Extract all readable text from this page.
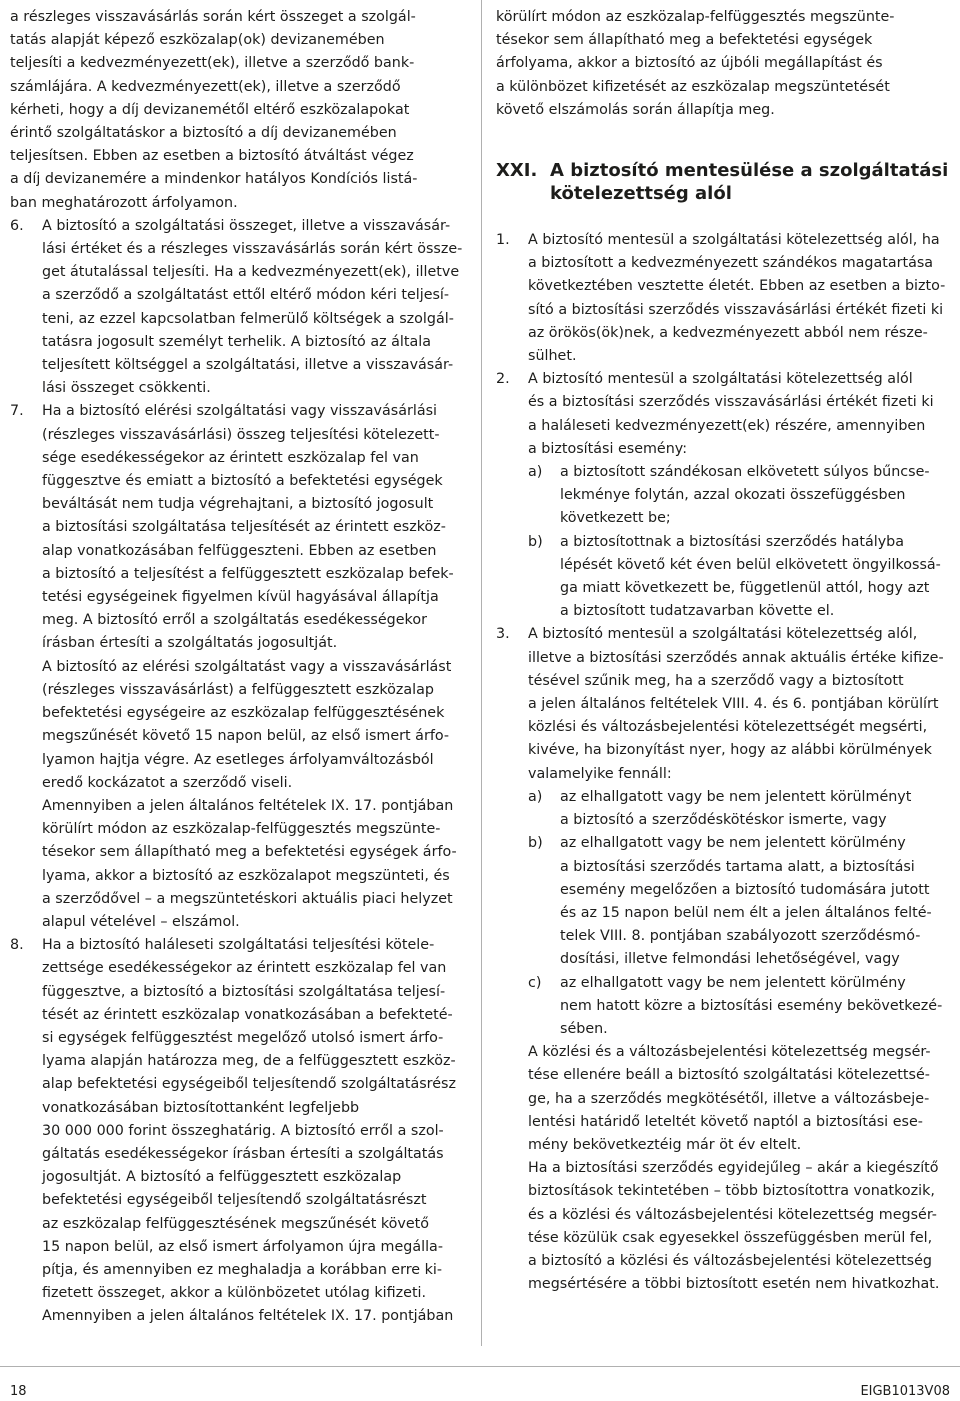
a részleges visszavásárlás során kért összeget a szolgál-

tatás alapját képező eszközalap(ok) devizanemében

teljesíti a kedvezményezett(ek), illetve a szerződő bank-

számlájára. A kedvezményezett(ek), illetve a szerződő

kérheti, hogy a díj devizanemétől eltérő eszközalapokat

érintő szolgáltatáskor a biztosító a díj devizanemében

teljesítsen. Ebben az esetben a biztosító átváltást végez

a díj devizanemére a mindenkor hatályos Kondíciós listá-

ban meghatározott árfolyamon.

6. A biztosító a szolgáltatási összeget, illetve a visszavásár-

lási értéket és a részleges visszavásárlás során kért össze-

get átutalással teljesíti. Ha a kedvezményezett(ek), illetve

a szerződő a szolgáltatást ettől eltérő módon kéri teljesí-

teni, az ezzel kapcsolatban felmerülő költségek a szolgál-

tatásra jogosult személyt terhelik. A biztosító az általa

teljesített költséggel a szolgáltatási, illetve a visszavásár-

lási összeget csökkenti.

7. Ha a biztosító elérési szolgáltatási vagy visszavásárlási

(részleges visszavásárlási) összeg teljesítési kötelezett-

sége esedékességekor az érintett eszközalap fel van

függesztve és emiatt a biztosító a befektetési egységek

beváltását nem tudja végrehajtani, a biztosító jogosult

a biztosítási szolgáltatása teljesítését az érintett eszköz-

alap vonatkozásában felfüggeszteni. Ebben az esetben

a biztosító a teljesítést a felfüggesztett eszközalap befek-

tetési egységeinek figyelmen kívül hagyásával állapítja

meg. A biztosító erről a szolgáltatás esedékességekor

írásban értesíti a szolgáltatás jogosultját.

A biztosító az elérési szolgáltatást vagy a visszavásárlást

(részleges visszavásárlást) a felfüggesztett eszközalap

befektetési egységeire az eszközalap felfüggesztésének

megszűnését követő 15 napon belül, az első ismert árfo-

lyamon hajtja végre. Az esetleges árfolyamváltozásból

eredő kockázatot a szerződő viseli.

Amennyiben a jelen általános feltételek IX. 17. pontjában

körülírt módon az eszközalap-felfüggesztés megszünte-

tésekor sem állapítható meg a befektetési egységek árfo-

lyama, akkor a biztosító az eszközalapot megszünteti, és

a szerződővel – a megszüntetéskori aktuális piaci helyzet

alapul vételével – elszámol.

8. Ha a biztosító haláleseti szolgáltatási teljesítési kötele-

zettsége esedékességekor az érintett eszközalap fel van

függesztve, a biztosító a biztosítási szolgáltatása teljesí-

tését az érintett eszközalap vonatkozásában a befekteté-

si egységek felfüggesztést megelőző utolsó ismert árfo-

lyama alapján határozza meg, de a felfüggesztett eszköz-

alap befektetési egységeiből teljesítendő szolgáltatásrész

vonatkozásában biztosítottanként legfeljebb

30 000 000 forint összeghatárig. A biztosító erről a szol-

gáltatás esedékességekor írásban értesíti a szolgáltatás

jogosultját. A biztosító a felfüggesztett eszközalap

befektetési egységeiből teljesítendő szolgáltatásrészt

az eszközalap felfüggesztésének megszűnését követő

15 napon belül, az első ismert árfolyamon újra megálla-

pítja, és amennyiben ez meghaladja a korábban erre ki-

fizetett összeget, akkor a különbözetet utólag kifizeti.

Amennyiben a jelen általános feltételek IX. 17. pontjában

körülírt módon az eszközalap-felfüggesztés megszünte-

tésekor sem állapítható meg a befektetési egységek

árfolyama, akkor a biztosító az újbóli megállapítást és

a különbözet kifizetését az eszközalap megszüntetését

követő elszámolás során állapítja meg.

XXI. A biztosító mentesülése a szolgáltatási

kötelezettség alól

1. A biztosító mentesül a szolgáltatási kötelezettség alól, ha

a biztosított a kedvezményezett szándékos magatartása

következtében vesztette életét. Ebben az esetben a bizto-

sító a biztosítási szerződés visszavásárlási értékét fizeti ki

az örökös(ök)nek, a kedvezményezett abból nem része-

sülhet.

2. A biztosító mentesül a szolgáltatási kötelezettség alól

és a biztosítási szerződés visszavásárlási értékét fizeti ki

a haláleseti kedvezményezett(ek) részére, amennyiben

a biztosítási esemény:

a) a biztosított szándékosan elkövetett súlyos bűncse-

lekménye folytán, azzal okozati összefüggésben

következett be;

b) a biztosítottnak a biztosítási szerződés hatályba

lépését követő két éven belül elkövetett öngyilkossá-

ga miatt következett be, függetlenül attól, hogy azt

a biztosított tudatzavarban követte el.

3. A biztosító mentesül a szolgáltatási kötelezettség alól,

illetve a biztosítási szerződés annak aktuális értéke kifize-

tésével szűnik meg, ha a szerződő vagy a biztosított

a jelen általános feltételek VIII. 4. és 6. pontjában körülírt

közlési és változásbejelentési kötelezettségét megsérti,

kivéve, ha bizonyítást nyer, hogy az alábbi körülmények

valamelyike fennáll:

a) az elhallgatott vagy be nem jelentett körülményt

a biztosító a szerződéskötéskor ismerte, vagy

b) az elhallgatott vagy be nem jelentett körülmény

a biztosítási szerződés tartama alatt, a biztosítási

esemény megelőzően a biztosító tudomására jutott

és az 15 napon belül nem élt a jelen általános felté-

telek VIII. 8. pontjában szabályozott szerződésmó-

dosítási, illetve felmondási lehetőségével, vagy

c) az elhallgatott vagy be nem jelentett körülmény

nem hatott közre a biztosítási esemény bekövetkezé-

sében.

A közlési és a változásbejelentési kötelezettség megsér-

tése ellenére beáll a biztosító szolgáltatási kötelezettsé-

ge, ha a szerződés megkötésétől, illetve a változásbeje-

lentési határidő leteltét követő naptól a biztosítási ese-

mény bekövetkeztéig már öt év eltelt.

Ha a biztosítási szerződés egyidejűleg – akár a kiegészítő

biztosítások tekintetében – több biztosítottra vonatkozik,

és a közlési és változásbejelentési kötelezettség megsér-

tése közülük csak egyesekkel összefüggésben merül fel,

a biztosító a közlési és változásbejelentési kötelezettség

megsértésére a többi biztosított esetén nem hivatkozhat.

18	EIGB1013V08
